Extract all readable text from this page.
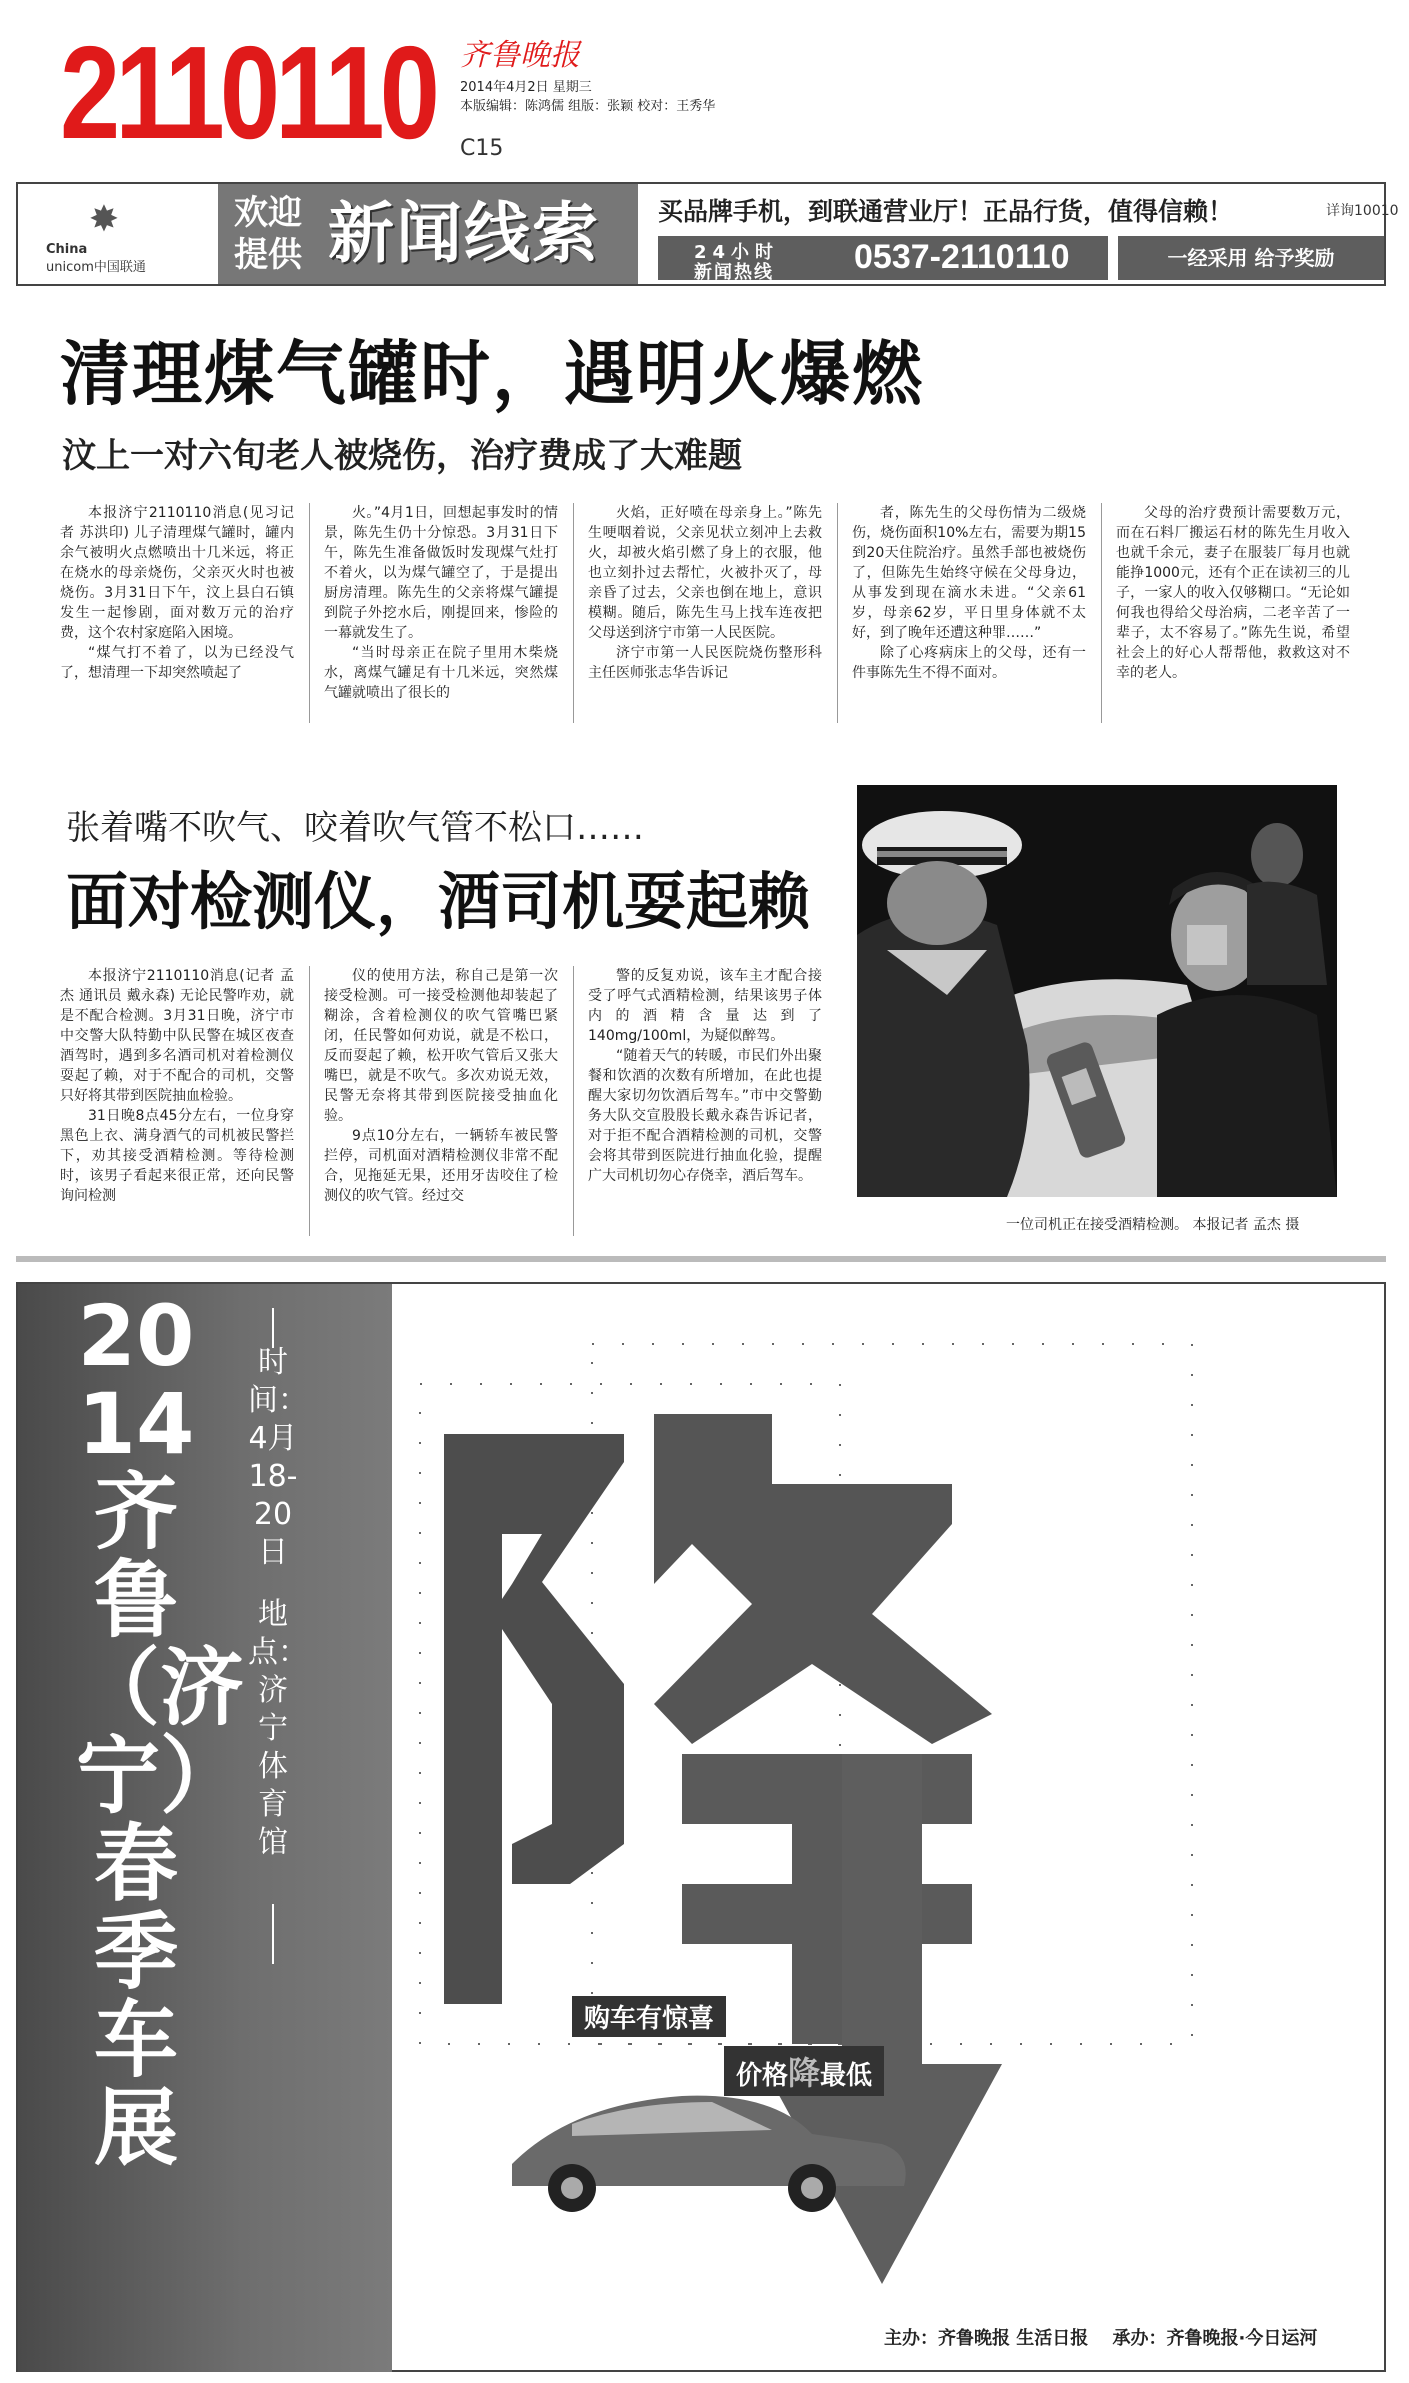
2110110 齐鲁晚报
2014年4月2日 星期三
本版编辑：陈鸿儒 组版：张颖 校对：王秀华
C15
✸
China
unicom中国联通
欢迎
提供 新闻线索 买品牌手机，到联通营业厅！正品行货，值得信赖！	详询10010
24小时
新闻热线 0537-2110110	一经采用 给予奖励
清理煤气罐时，遇明火爆燃
汶上一对六旬老人被烧伤，治疗费成了大难题

本报济宁2110110消息(见习记者 苏洪印) 儿子清理煤气罐时，罐内余气被明火点燃喷出十几米远，将正在烧水的母亲烧伤，父亲灭火时也被烧伤。3月31日下午，汶上县白石镇发生一起惨剧，面对数万元的治疗费，这个农村家庭陷入困境。

“煤气打不着了，以为已经没气了，想清理一下却突然喷起了

火。”4月1日，回想起事发时的情景，陈先生仍十分惊恐。3月31日下午，陈先生准备做饭时发现煤气灶打不着火，以为煤气罐空了，于是提出厨房清理。陈先生的父亲将煤气罐提到院子外挖水后，刚提回来，惨险的一幕就发生了。

“当时母亲正在院子里用木柴烧水，离煤气罐足有十几米远，突然煤气罐就喷出了很长的

火焰，正好喷在母亲身上。”陈先生哽咽着说，父亲见状立刻冲上去救火，却被火焰引燃了身上的衣服，他也立刻扑过去帮忙，火被扑灭了，母亲昏了过去，父亲也倒在地上，意识模糊。随后，陈先生马上找车连夜把父母送到济宁市第一人民医院。

济宁市第一人民医院烧伤整形科主任医师张志华告诉记

者，陈先生的父母伤情为二级烧伤，烧伤面积10%左右，需要为期15到20天住院治疗。虽然手部也被烧伤了，但陈先生始终守候在父母身边，从事发到现在滴水未进。“父亲61岁，母亲62岁，平日里身体就不太好，到了晚年还遭这种罪……”

除了心疼病床上的父母，还有一件事陈先生不得不面对。

父母的治疗费预计需要数万元，而在石料厂搬运石材的陈先生月收入也就千余元，妻子在服装厂每月也就能挣1000元，还有个正在读初三的儿子，一家人的收入仅够糊口。“无论如何我也得给父母治病，二老辛苦了一辈子，太不容易了。”陈先生说，希望社会上的好心人帮帮他，救救这对不幸的老人。

张着嘴不吹气、咬着吹气管不松口……
面对检测仪，酒司机耍起赖

本报济宁2110110消息(记者 孟杰 通讯员 戴永森) 无论民警咋劝，就是不配合检测。3月31日晚，济宁市中交警大队特勤中队民警在城区夜查酒驾时，遇到多名酒司机对着检测仪耍起了赖，对于不配合的司机，交警只好将其带到医院抽血检验。

31日晚8点45分左右，一位身穿黑色上衣、满身酒气的司机被民警拦下，劝其接受酒精检测。等待检测时，该男子看起来很正常，还向民警询问检测

仪的使用方法，称自己是第一次接受检测。可一接受检测他却装起了糊涂，含着检测仪的吹气管嘴巴紧闭，任民警如何劝说，就是不松口，反而耍起了赖，松开吹气管后又张大嘴巴，就是不吹气。多次劝说无效，民警无奈将其带到医院接受抽血化验。

9点10分左右，一辆轿车被民警拦停，司机面对酒精检测仪非常不配合，见拖延无果，还用牙齿咬住了检测仪的吹气管。经过交

警的反复劝说，该车主才配合接受了呼气式酒精检测，结果该男子体内的酒精含量达到了140mg/100ml，为疑似醉驾。

“随着天气的转暖，市民们外出聚餐和饮酒的次数有所增加，在此也提醒大家切勿饮酒后驾车。”市中交警勤务大队交宣股股长戴永森告诉记者，对于拒不配合酒精检测的司机，交警会将其带到医院进行抽血化验，提醒广大司机切勿心存侥幸，酒后驾车。

一位司机正在接受酒精检测。 本报记者 孟杰 摄
2014齐鲁（济宁）春季车展
时间：
4月18-20日
地点：
济宁体育馆
购车有惊喜
价格降最低
主办：齐鲁晚报 生活日报 承办：齐鲁晚报·今日运河
